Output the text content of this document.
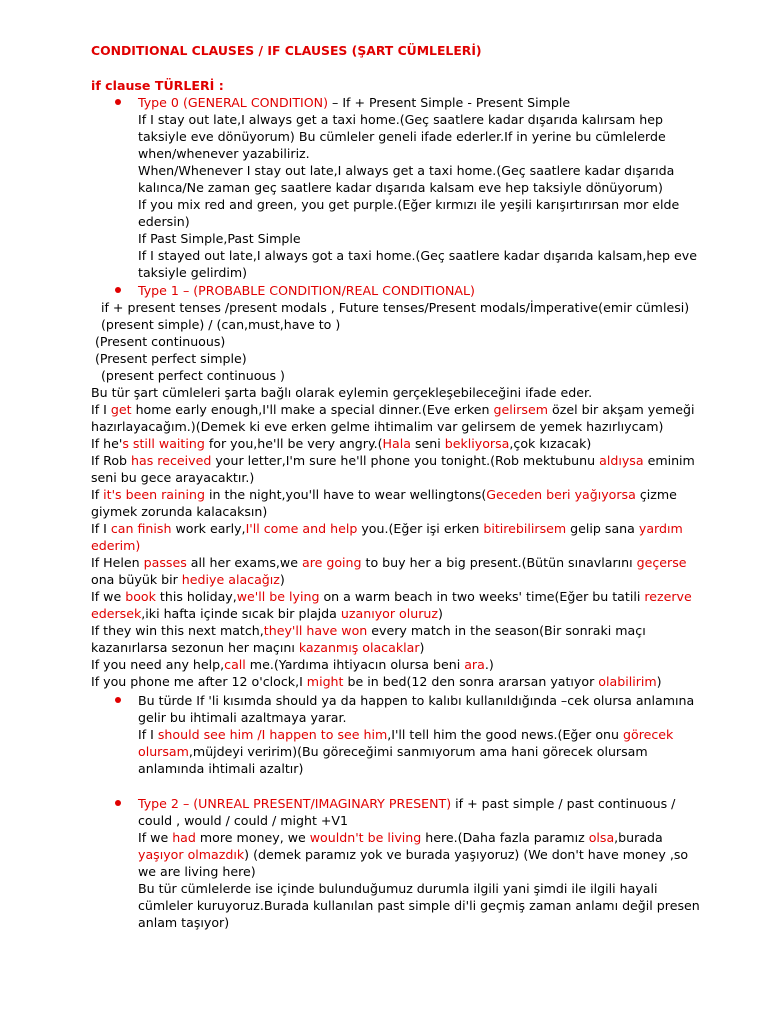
CONDITIONAL CLAUSES / IF CLAUSES (ŞART CÜMLELERİ)
if clause TÜRLERİ :
Type 0 (GENERAL CONDITION) – If + Present Simple - Present Simple
If I stay out late,I always get a taxi home.(Geç saatlere kadar dışarıda kalırsam hep
taksiyle eve dönüyorum) Bu cümleler geneli ifade ederler.If in yerine bu cümlelerde
when/whenever yazabiliriz.
When/Whenever I stay out late,I always get a taxi home.(Geç saatlere kadar dışarıda
kalınca/Ne zaman geç saatlere kadar dışarıda kalsam eve hep taksiyle dönüyorum)
If you mix red and green, you get purple.(Eğer kırmızı ile yeşili karışırtırırsan mor elde
edersin)
If Past Simple,Past Simple
If I stayed out late,I always got a taxi home.(Geç saatlere kadar dışarıda kalsam,hep eve
taksiyle gelirdim)
Type 1 – (PROBABLE CONDITION/REAL CONDITIONAL)
if + present tenses /present modals , Future tenses/Present modals/İmperative(emir cümlesi)
(present simple) / (can,must,have to )
(Present continuous)
(Present perfect simple)
(present perfect continuous )
Bu tür şart cümleleri şarta bağlı olarak eylemin gerçekleşebileceğini ifade eder.
If I get home early enough,I'll make a special dinner.(Eve erken gelirsem özel bir akşam yemeği
hazırlayacağım.)(Demek ki eve erken gelme ihtimalim var gelirsem de yemek hazırlıycam)
If he's still waiting for you,he'll be very angry.(Hala seni bekliyorsa,çok kızacak)
If Rob has received your letter,I'm sure he'll phone you tonight.(Rob mektubunu aldıysa eminim
seni bu gece arayacaktır.)
If it's been raining in the night,you'll have to wear wellingtons(Geceden beri yağıyorsa çizme
giymek zorunda kalacaksın)
If I can finish work early,I'll come and help you.(Eğer işi erken bitirebilirsem gelip sana yardım
ederim)
If Helen passes all her exams,we are going to buy her a big present.(Bütün sınavlarını geçerse
ona büyük bir hediye alacağız)
If we book this holiday,we'll be lying on a warm beach in two weeks' time(Eğer bu tatili rezerve
edersek,iki hafta içinde sıcak bir plajda uzanıyor oluruz)
If they win this next match,they'll have won every match in the season(Bir sonraki maçı
kazanırlarsa sezonun her maçını kazanmış olacaklar)
If you need any help,call me.(Yardıma ihtiyacın olursa beni ara.)
If you phone me after 12 o'clock,I might be in bed(12 den sonra ararsan yatıyor olabilirim)
Bu türde If 'li kısımda should ya da happen to kalıbı kullanıldığında –cek olursa anlamına
gelir bu ihtimali azaltmaya yarar.
If I should see him /I happen to see him,I'll tell him the good news.(Eğer onu görecek
olursam,müjdeyi veririm)(Bu göreceğimi sanmıyorum ama hani görecek olursam
anlamında ihtimali azaltır)
Type 2 – (UNREAL PRESENT/IMAGINARY PRESENT) if + past simple / past continuous /
could , would / could / might +V1
If we had more money, we wouldn't be living here.(Daha fazla paramız olsa,burada
yaşıyor olmazdık) (demek paramız yok ve burada yaşıyoruz) (We don't have money ,so
we are living here)
Bu tür cümlelerde ise içinde bulunduğumuz durumla ilgili yani şimdi ile ilgili hayali
cümleler kuruyoruz.Burada kullanılan past simple di'li geçmiş zaman anlamı değil presen
anlam taşıyor)
